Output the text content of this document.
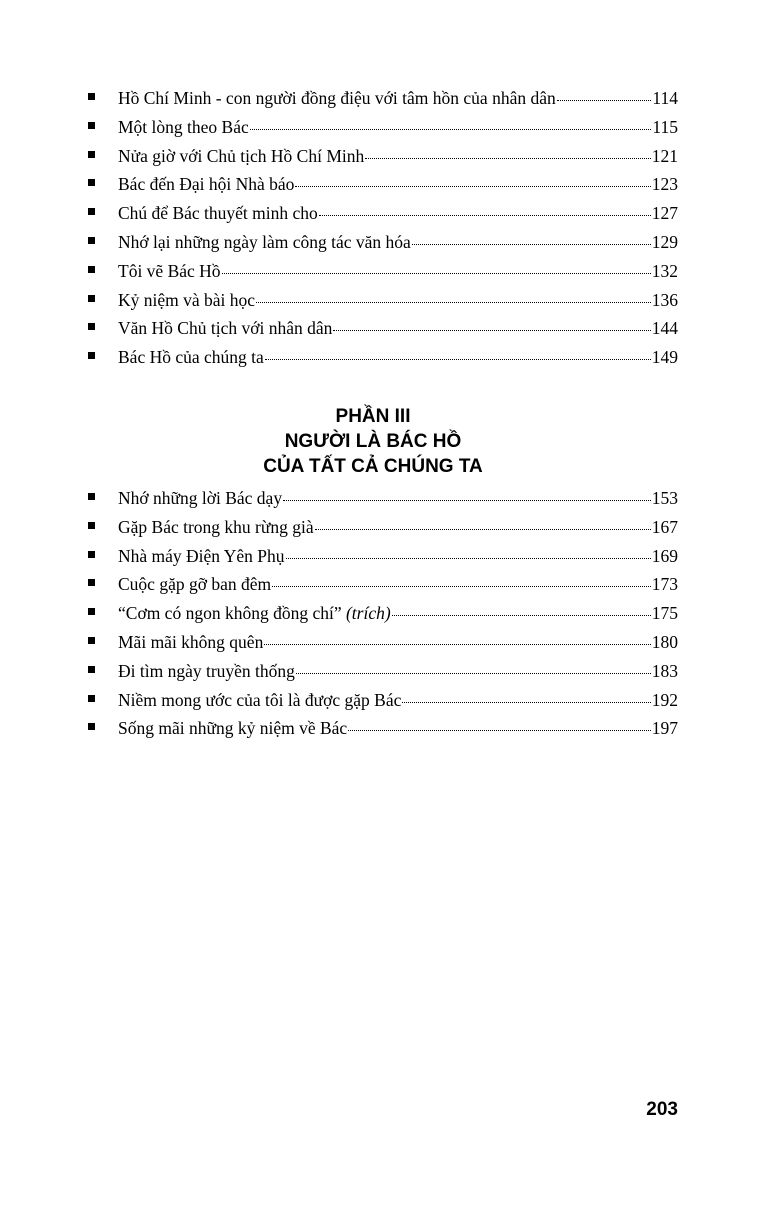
Hồ Chí Minh - con người đồng điệu với tâm hồn của nhân dân	114
Một lòng theo Bác	115
Nửa giờ với Chủ tịch Hồ Chí Minh	121
Bác đến Đại hội Nhà báo	123
Chú để Bác thuyết minh cho	127
Nhớ lại những ngày làm công tác văn hóa	129
Tôi vẽ Bác Hồ	132
Kỷ niệm và bài học	136
Văn Hồ Chủ tịch với nhân dân	144
Bác Hồ của chúng ta	149
PHẦN III
NGƯỜI LÀ BÁC HỒ
CỦA TẤT CẢ CHÚNG TA
Nhớ những lời Bác dạy	153
Gặp Bác trong khu rừng già	167
Nhà máy Điện Yên Phụ	169
Cuộc gặp gỡ ban đêm	173
“Cơm có ngon không đồng chí” (trích)	175
Mãi mãi không quên	180
Đi tìm ngày truyền thống	183
Niềm mong ước của tôi là được gặp Bác	192
Sống mãi những kỷ niệm về Bác	197
203
